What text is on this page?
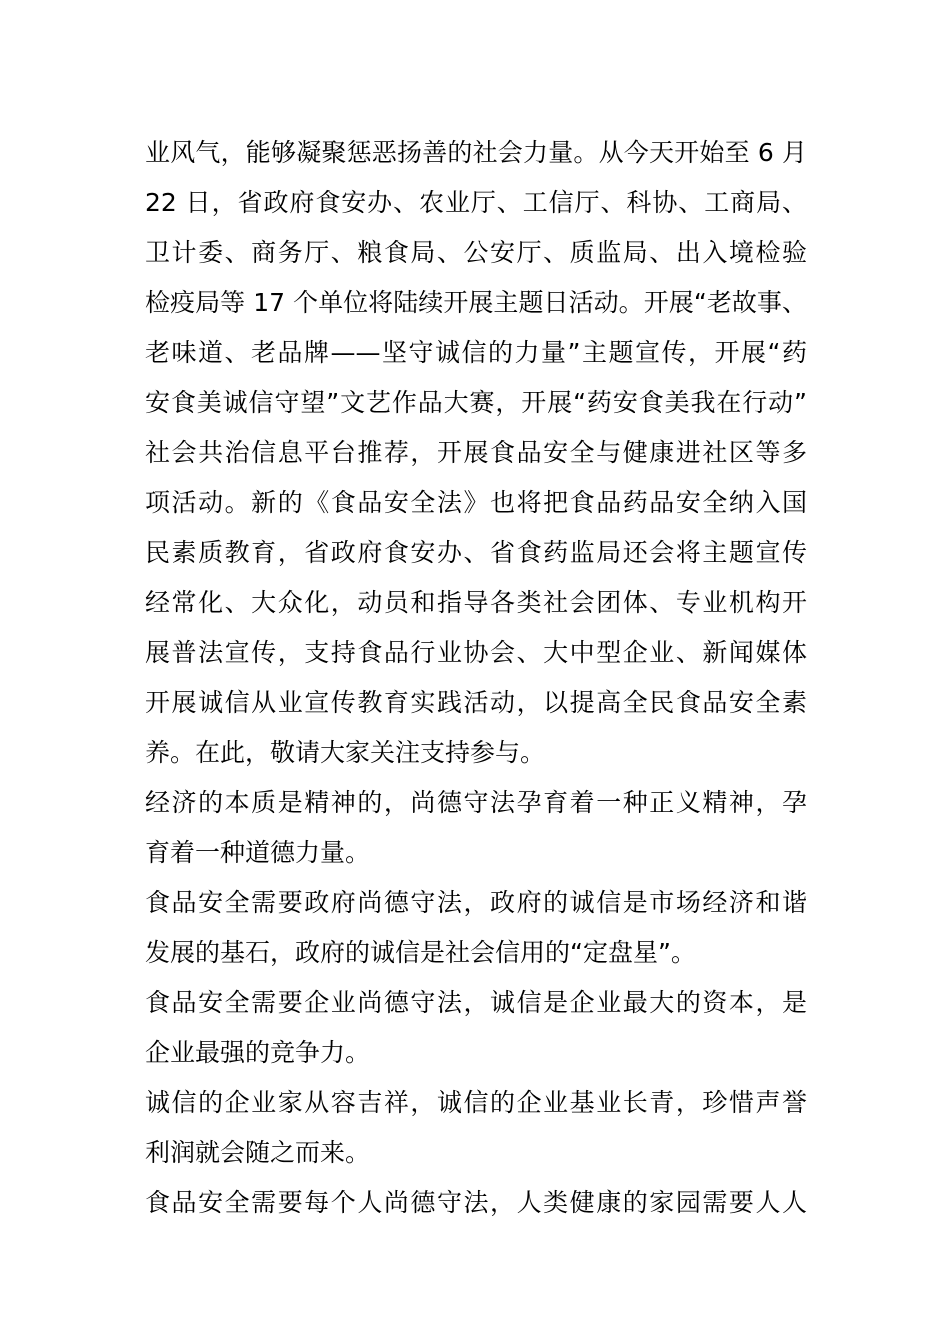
业风气，能够凝聚惩恶扬善的社会力量。从今天开始至 6 月
22 日，省政府食安办、农业厅、工信厅、科协、工商局、
卫计委、商务厅、粮食局、公安厅、质监局、出入境检验
检疫局等 17 个单位将陆续开展主题日活动。开展“老故事、
老味道、老品牌——坚守诚信的力量”主题宣传，开展“药
安食美诚信守望”文艺作品大赛，开展“药安食美我在行动”
社会共治信息平台推荐，开展食品安全与健康进社区等多
项活动。新的《食品安全法》也将把食品药品安全纳入国
民素质教育，省政府食安办、省食药监局还会将主题宣传
经常化、大众化，动员和指导各类社会团体、专业机构开
展普法宣传，支持食品行业协会、大中型企业、新闻媒体
开展诚信从业宣传教育实践活动，以提高全民食品安全素
养。在此，敬请大家关注支持参与。
经济的本质是精神的，尚德守法孕育着一种正义精神，孕
育着一种道德力量。
食品安全需要政府尚德守法，政府的诚信是市场经济和谐
发展的基石，政府的诚信是社会信用的“定盘星”。
食品安全需要企业尚德守法，诚信是企业最大的资本，是
企业最强的竞争力。
诚信的企业家从容吉祥，诚信的企业基业长青，珍惜声誉
利润就会随之而来。
食品安全需要每个人尚德守法，人类健康的家园需要人人
